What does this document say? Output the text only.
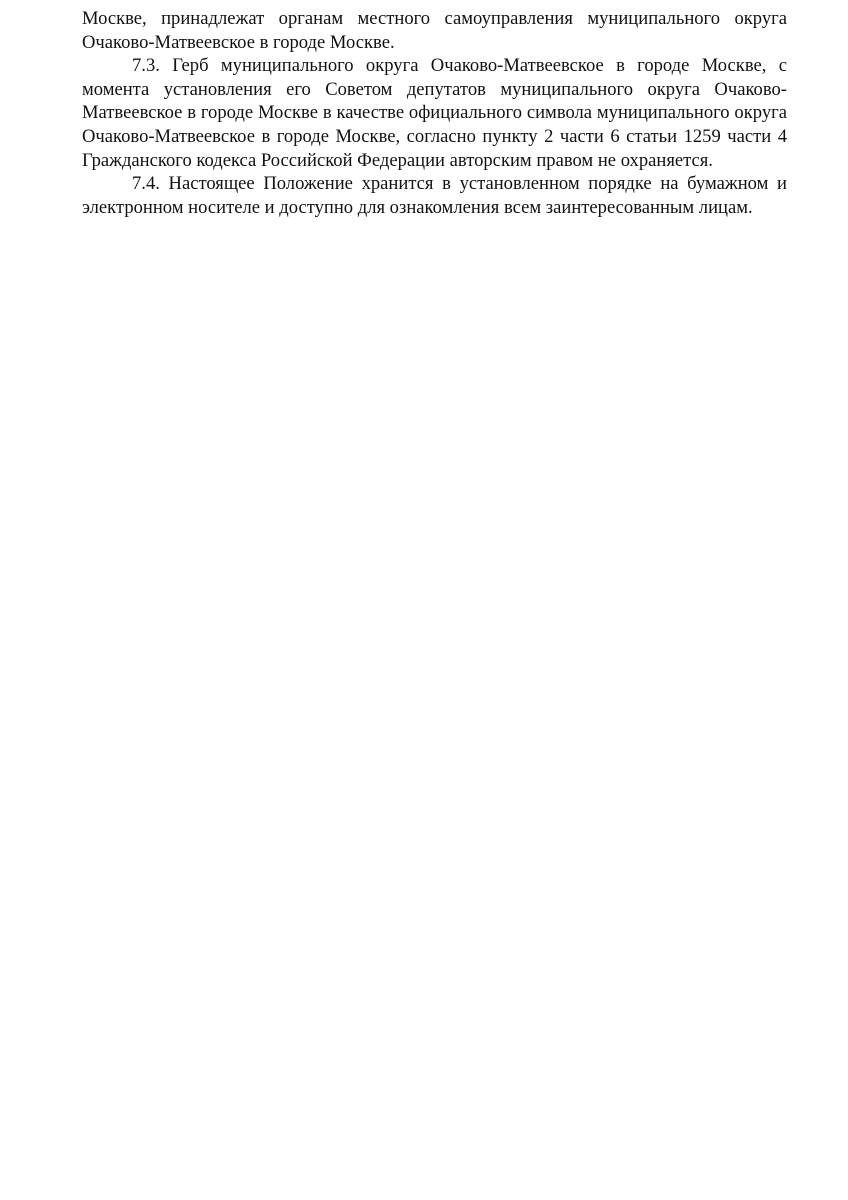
Москве, принадлежат органам местного самоуправления муниципального округа Очаково-Матвеевское в городе Москве.

7.3. Герб муниципального округа Очаково-Матвеевское в городе Москве, с момента установления его Советом депутатов муниципального округа Очаково-Матвеевское в городе Москве в качестве официального символа муниципального округа Очаково-Матвеевское в городе Москве, согласно пункту 2 части 6 статьи 1259 части 4 Гражданского кодекса Российской Федерации авторским правом не охраняется.

7.4. Настоящее Положение хранится в установленном порядке на бумажном и электронном носителе и доступно для ознакомления всем заинтересованным лицам.
